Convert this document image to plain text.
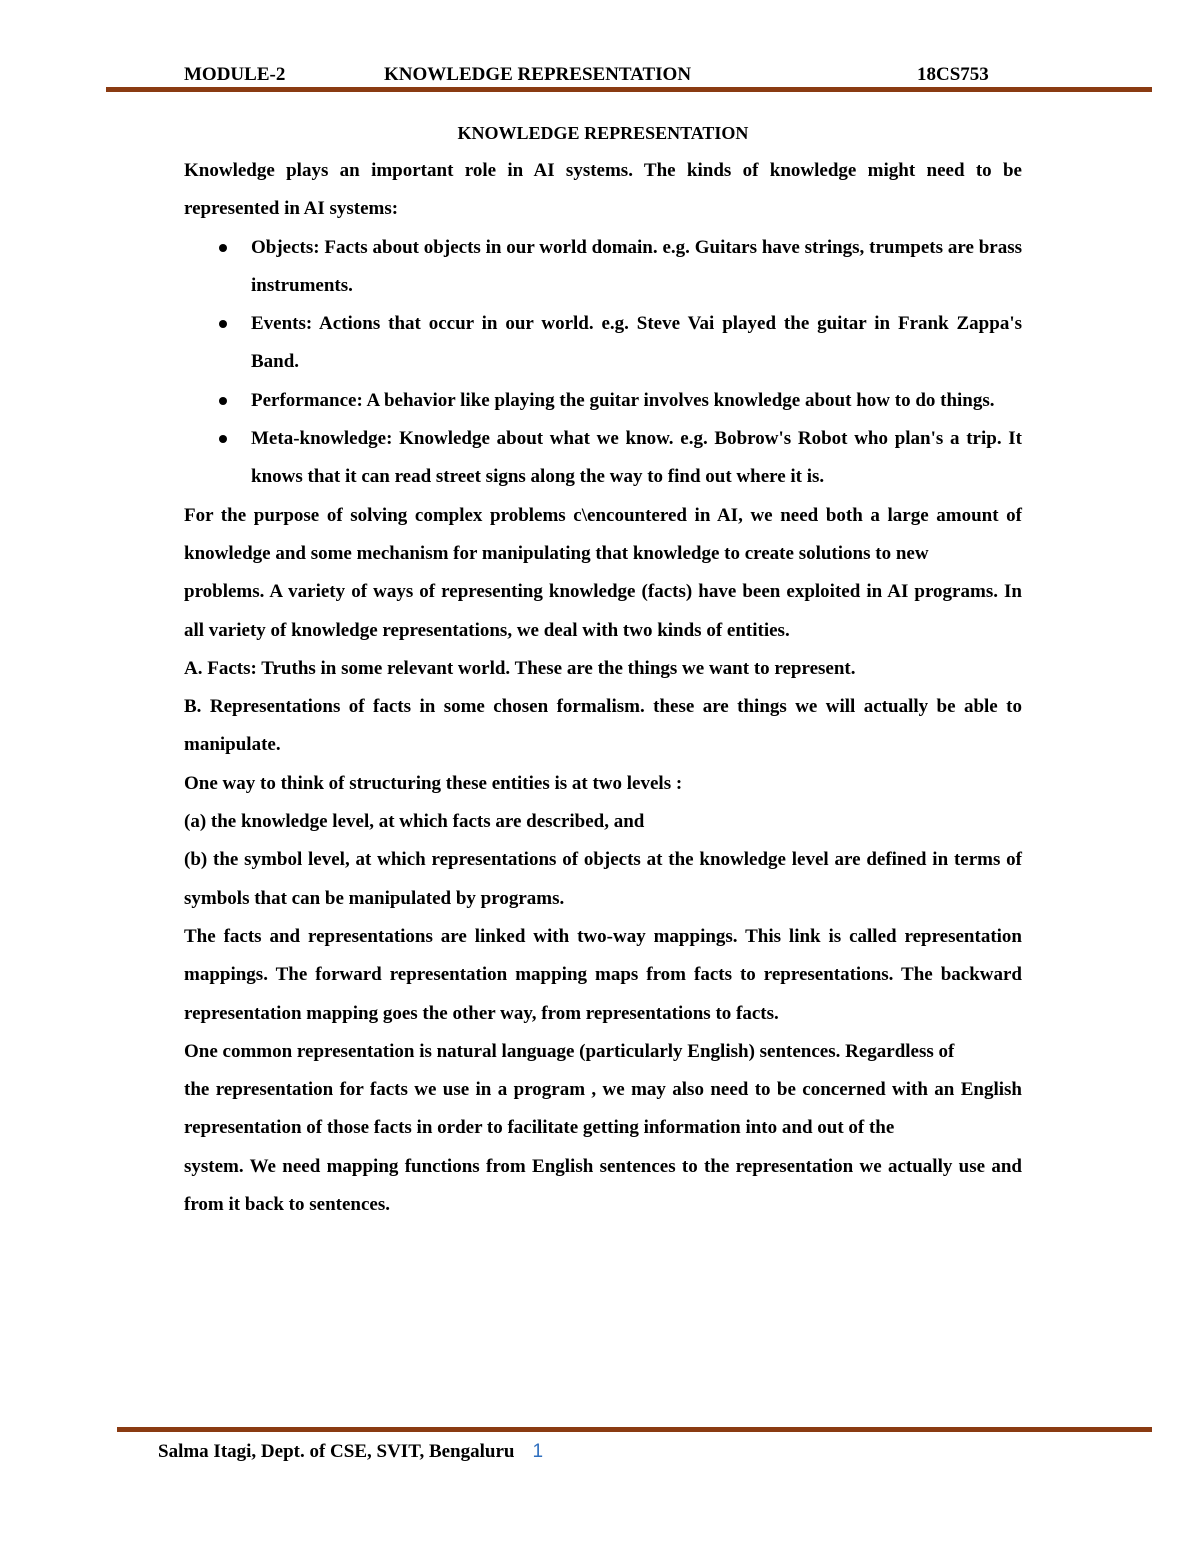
MODULE-2	KNOWLEDGE REPRESENTATION	18CS753
KNOWLEDGE REPRESENTATION

Knowledge plays an important role in AI systems. The kinds of knowledge might need to be represented in AI systems:

Objects: Facts about objects in our world domain. e.g. Guitars have strings, trumpets are brass instruments.
Events: Actions that occur in our world. e.g. Steve Vai played the guitar in Frank Zappa's Band.
Performance: A behavior like playing the guitar involves knowledge about how to do things.
Meta-knowledge: Knowledge about what we know. e.g. Bobrow's Robot who plan's a trip. It knows that it can read street signs along the way to find out where it is.

For the purpose of solving complex problems c\encountered in AI, we need both a large amount of knowledge and some mechanism for manipulating that knowledge to create solutions to new

problems. A variety of ways of representing knowledge (facts) have been exploited in AI programs. In all variety of knowledge representations, we deal with two kinds of entities.

A. Facts: Truths in some relevant world. These are the things we want to represent.

B. Representations of facts in some chosen formalism. these are things we will actually be able to manipulate.

One way to think of structuring these entities is at two levels :

(a) the knowledge level, at which facts are described, and

(b) the symbol level, at which representations of objects at the knowledge level are defined in terms of symbols that can be manipulated by programs.

The facts and representations are linked with two-way mappings. This link is called representation mappings. The forward representation mapping maps from facts to representations. The backward representation mapping goes the other way, from representations to facts.

One common representation is natural language (particularly English) sentences. Regardless of

the representation for facts we use in a program , we may also need to be concerned with an English representation of those facts in order to facilitate getting information into and out of the

system. We need mapping functions from English sentences to the representation we actually use and from it back to sentences.

Salma Itagi, Dept. of CSE, SVIT, Bengaluru 1
